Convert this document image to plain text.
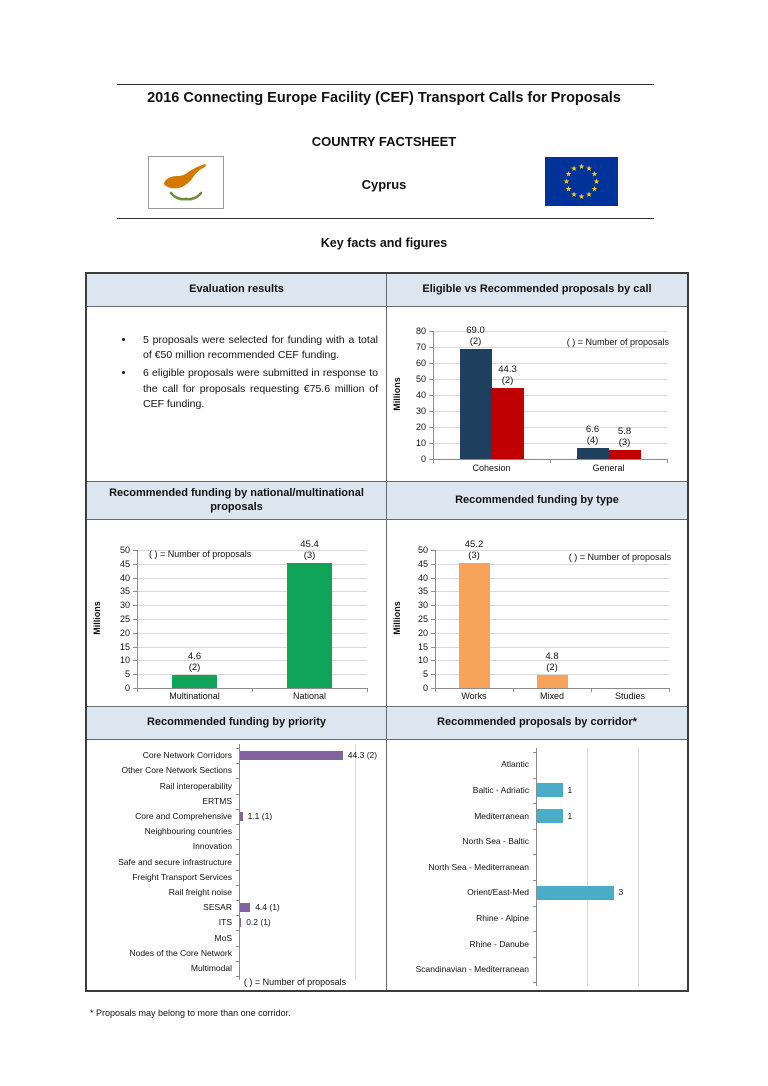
2016 Connecting Europe Facility (CEF) Transport Calls for Proposals
COUNTRY FACTSHEET
Cyprus
Key facts and figures
Evaluation results	Eligible vs Recommended proposals by call
• 5 proposals were selected for funding with a total of €50 million recommended CEF funding.
• 6 eligible proposals were submitted in response to the call for proposals requesting €75.6 million of CEF funding.
0
10
20
30
40
50
60
70
80
Millions
69.0
(2)
6.6
(4)
44.3
(2)
5.8
(3)
Cohesion	General
( ) = Number of proposals
Recommended funding by national/multinational proposals
Recommended funding by type
0
5
10
15
20
25
30
35
40
45
50
Millions
4.6
(2)
45.4
(3)
Multinational	National
( ) = Number of proposals
0
5
10
15
20
25
30
35
40
45
50
Millions
45.2
(3)
4.8
(2)
Works	Mixed	Studies
( ) = Number of proposals
Recommended funding by priority	Recommended proposals by corridor*
Core Network Corridors	44.3 (2)
Other Core Network Sections
Rail interoperability
ERTMS
Core and Comprehensive 1.1 (1)
Neighbouring countries
Innovation
Safe and secure infrastructure
Freight Transport Services
Rail freight noise
SESAR	4.4 (1)
ITS 0.2 (1)
MoS
Nodes of the Core Network
Multimodal
( ) = Number of proposals
Atlantic
Baltic - Adriatic	1
Mediterranean	1
North Sea - Baltic
North Sea - Mediterranean
Orient/East-Med	3
Rhine - Alpine
Rhine - Danube
Scandinavian - Mediterranean
* Proposals may belong to more than one corridor.
